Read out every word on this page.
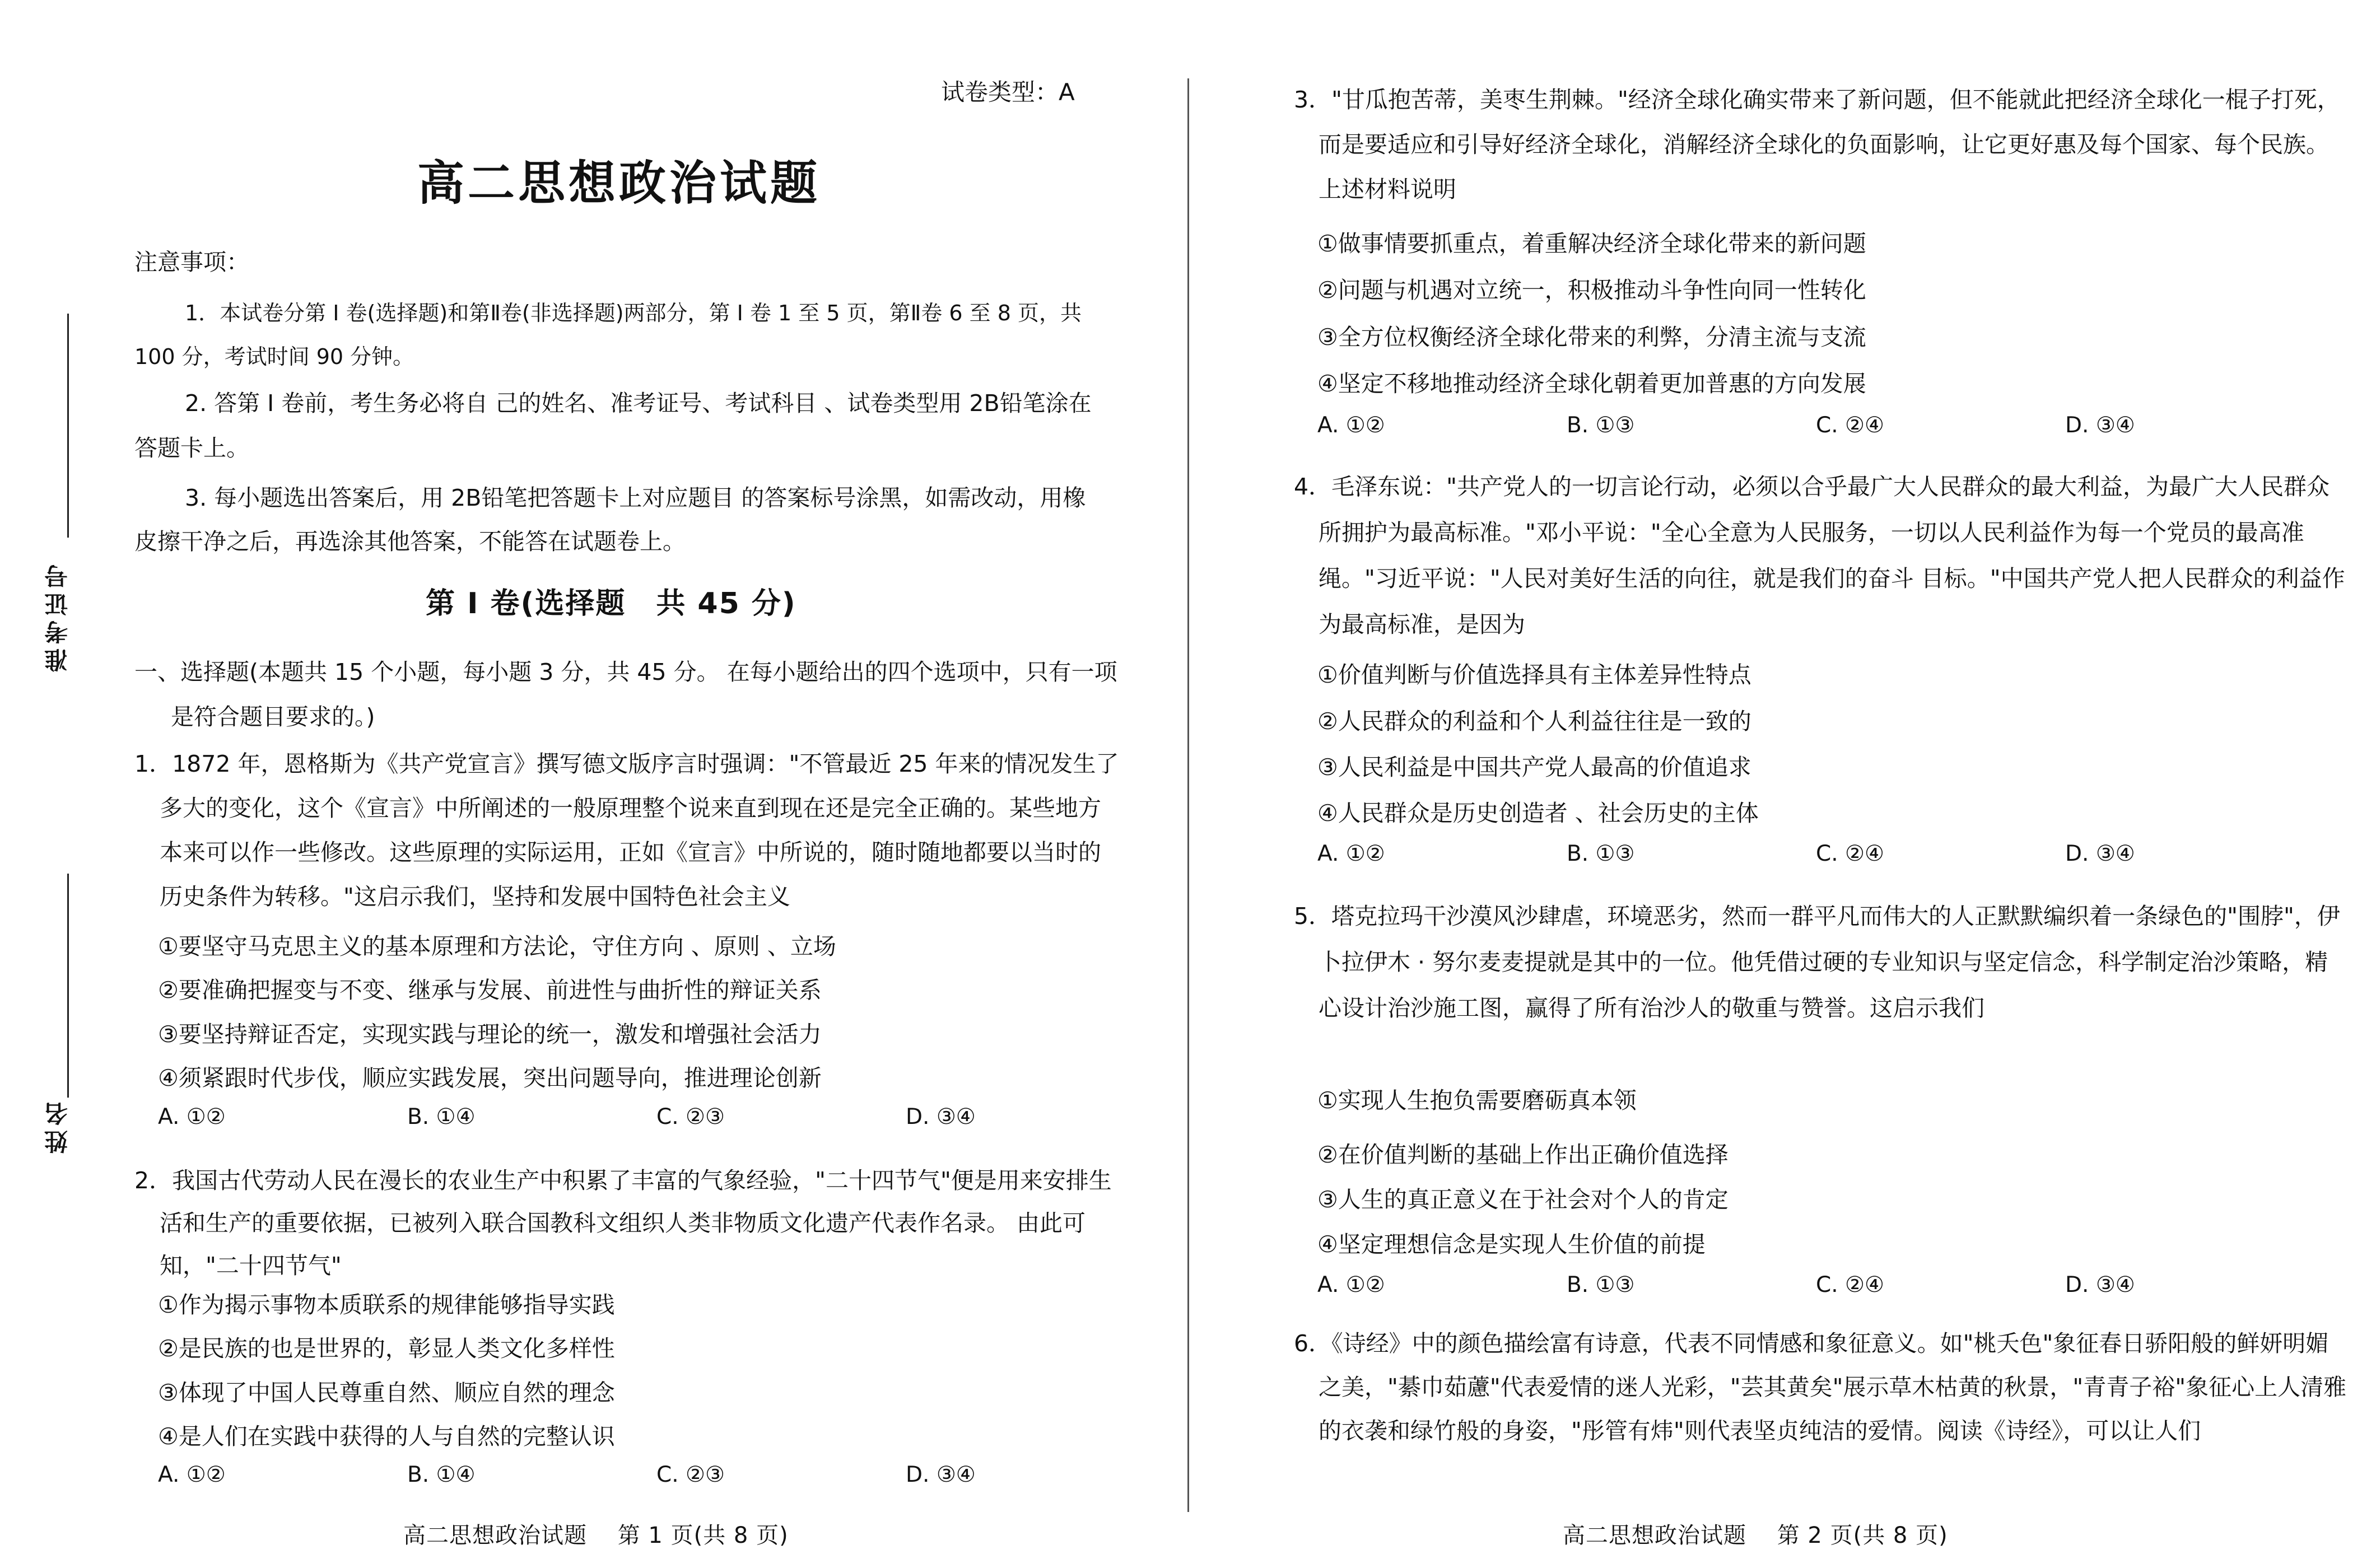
准考证号
姓名
试卷类型：A
高二思想政治试题
注意事项：
1．本试卷分第 Ⅰ 卷(选择题)和第Ⅱ卷(非选择题)两部分，第 Ⅰ 卷 1 至 5 页，第Ⅱ卷 6 至 8 页，共 100 分，考试时间 90 分钟。
2. 答第 Ⅰ 卷前，考生务必将自 己的姓名、准考证号、考试科目 、试卷类型用 2B铅笔涂在答题卡上。
3. 每小题选出答案后，用 2B铅笔把答题卡上对应题目 的答案标号涂黑，如需改动，用橡皮擦干净之后，再选涂其他答案，不能答在试题卷上。
第 Ⅰ 卷(选择题　共 45 分)
一、选择题(本题共 15 个小题，每小题 3 分，共 45 分。 在每小题给出的四个选项中，只有一项是符合题目要求的。)
1．1872 年，恩格斯为《共产党宣言》撰写德文版序言时强调："不管最近 25 年来的情况发生了多大的变化，这个《宣言》中所阐述的一般原理整个说来直到现在还是完全正确的。某些地方本来可以作一些修改。这些原理的实际运用，正如《宣言》中所说的，随时随地都要以当时的历史条件为转移。"这启示我们，坚持和发展中国特色社会主义
①要坚守马克思主义的基本原理和方法论，守住方向 、原则 、立场
②要准确把握变与不变、继承与发展、前进性与曲折性的辩证关系
③要坚持辩证否定，实现实践与理论的统一，激发和增强社会活力
④须紧跟时代步伐，顺应实践发展，突出问题导向，推进理论创新
A. ①②	B. ①④	C. ②③	D. ③④
2．我国古代劳动人民在漫长的农业生产中积累了丰富的气象经验，"二十四节气"便是用来安排生活和生产的重要依据，已被列入联合国教科文组织人类非物质文化遗产代表作名录。 由此可知，"二十四节气"
①作为揭示事物本质联系的规律能够指导实践
②是民族的也是世界的，彰显人类文化多样性
③体现了中国人民尊重自然、顺应自然的理念
④是人们在实践中获得的人与自然的完整认识
A. ①②	B. ①④	C. ②③	D. ③④
高二思想政治试题　 第 1 页(共 8 页)
3．"甘瓜抱苦蒂，美枣生荆棘。"经济全球化确实带来了新问题，但不能就此把经济全球化一棍子打死，而是要适应和引导好经济全球化，消解经济全球化的负面影响，让它更好惠及每个国家、每个民族。上述材料说明
①做事情要抓重点，着重解决经济全球化带来的新问题
②问题与机遇对立统一，积极推动斗争性向同一性转化
③全方位权衡经济全球化带来的利弊，分清主流与支流
④坚定不移地推动经济全球化朝着更加普惠的方向发展
A. ①②	B. ①③	C. ②④	D. ③④
4．毛泽东说："共产党人的一切言论行动，必须以合乎最广大人民群众的最大利益，为最广大人民群众所拥护为最高标准。"邓小平说："全心全意为人民服务，一切以人民利益作为每一个党员的最高准绳。"习近平说："人民对美好生活的向往，就是我们的奋斗 目标。"中国共产党人把人民群众的利益作为最高标准，是因为
①价值判断与价值选择具有主体差异性特点
②人民群众的利益和个人利益往往是一致的
③人民利益是中国共产党人最高的价值追求
④人民群众是历史创造者 、社会历史的主体
A. ①②	B. ①③	C. ②④	D. ③④
5．塔克拉玛干沙漠风沙肆虐，环境恶劣，然而一群平凡而伟大的人正默默编织着一条绿色的"围脖"，伊 卜拉伊木 · 努尔麦麦提就是其中的一位。他凭借过硬的专业知识与坚定信念，科学制定治沙策略，精心设计治沙施工图，赢得了所有治沙人的敬重与赞誉。这启示我们
①实现人生抱负需要磨砺真本领
②在价值判断的基础上作出正确价值选择
③人生的真正意义在于社会对个人的肯定
④坚定理想信念是实现人生价值的前提
A. ①②	B. ①③	C. ②④	D. ③④
6．《诗经》中的颜色描绘富有诗意，代表不同情感和象征意义。如"桃夭色"象征春日骄阳般的鲜妍明媚之美，"綦巾茹藘"代表爱情的迷人光彩，"芸其黄矣"展示草木枯黄的秋景，"青青子裕"象征心上人清雅的衣袭和绿竹般的身姿，"彤管有炜"则代表坚贞纯洁的爱情。阅读《诗经》，可以让人们
高二思想政治试题　 第 2 页(共 8 页)
